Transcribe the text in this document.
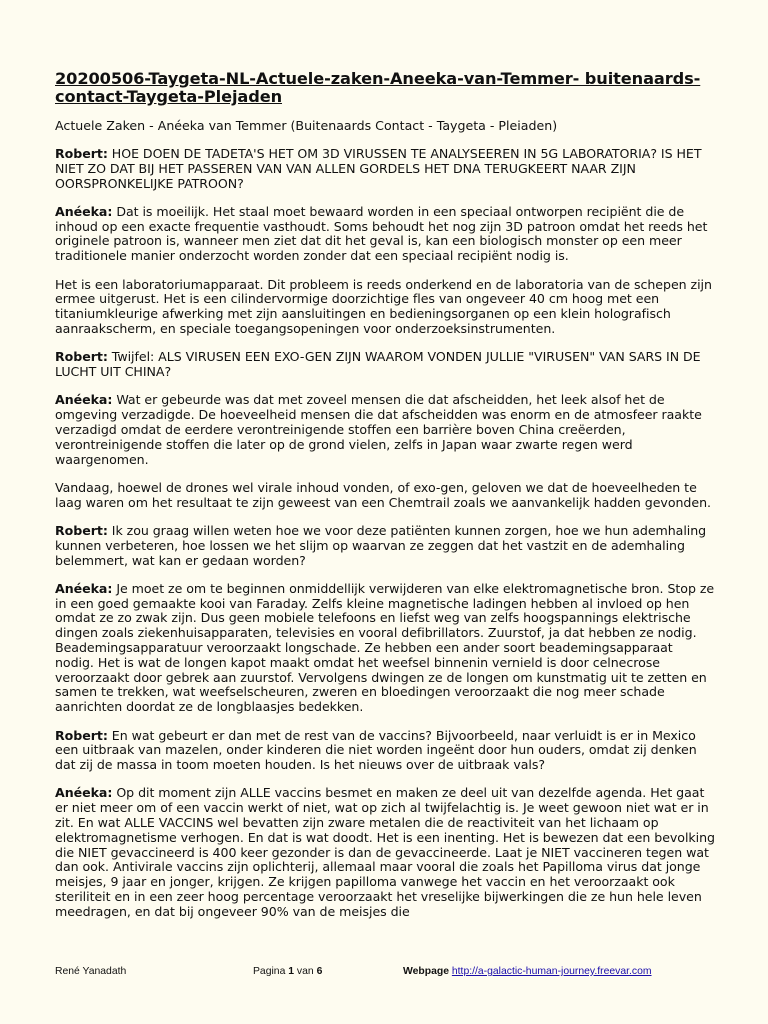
20200506-Taygeta-NL-Actuele-zaken-Aneeka-van-Temmer- buitenaards-contact-Taygeta-Plejaden
Actuele Zaken - Anéeka van Temmer (Buitenaards Contact - Taygeta - Pleiaden)
Robert: HOE DOEN DE TADETA'S HET OM 3D VIRUSSEN TE ANALYSEEREN IN 5G LABORATORIA? IS HET NIET ZO DAT BIJ HET PASSEREN VAN VAN ALLEN GORDELS HET DNA TERUGKEERT NAAR ZIJN OORSPRONKELIJKE PATROON?
Anéeka: Dat is moeilijk. Het staal moet bewaard worden in een speciaal ontworpen recipiënt die de inhoud op een exacte frequentie vasthoudt. Soms behoudt het nog zijn 3D patroon omdat het reeds het originele patroon is, wanneer men ziet dat dit het geval is, kan een biologisch monster op een meer traditionele manier onderzocht worden zonder dat een speciaal recipiënt nodig is.
Het is een laboratoriumapparaat. Dit probleem is reeds onderkend en de laboratoria van de schepen zijn ermee uitgerust. Het is een cilindervormige doorzichtige fles van ongeveer 40 cm hoog met een titaniumkleurige afwerking met zijn aansluitingen en bedieningsorganen op een klein holografisch aanraakscherm, en speciale toegangsopeningen voor onderzoeksinstrumenten.
Robert: Twijfel: ALS VIRUSEN EEN EXO-GEN ZIJN WAAROM VONDEN JULLIE "VIRUSEN" VAN SARS IN DE LUCHT UIT CHINA?
Anéeka: Wat er gebeurde was dat met zoveel mensen die dat afscheidden, het leek alsof het de omgeving verzadigde. De hoeveelheid mensen die dat afscheidden was enorm en de atmosfeer raakte verzadigd omdat de eerdere verontreinigende stoffen een barrière boven China creëerden, verontreinigende stoffen die later op de grond vielen, zelfs in Japan waar zwarte regen werd waargenomen.
Vandaag, hoewel de drones wel virale inhoud vonden, of exo-gen, geloven we dat de hoeveelheden te laag waren om het resultaat te zijn geweest van een Chemtrail zoals we aanvankelijk hadden gevonden.
Robert: Ik zou graag willen weten hoe we voor deze patiënten kunnen zorgen, hoe we hun ademhaling kunnen verbeteren, hoe lossen we het slijm op waarvan ze zeggen dat het vastzit en de ademhaling belemmert, wat kan er gedaan worden?
Anéeka: Je moet ze om te beginnen onmiddellijk verwijderen van elke elektromagnetische bron. Stop ze in een goed gemaakte kooi van Faraday. Zelfs kleine magnetische ladingen hebben al invloed op hen omdat ze zo zwak zijn. Dus geen mobiele telefoons en liefst weg van zelfs hoogspannings elektrische dingen zoals ziekenhuisapparaten, televisies en vooral defibrillators. Zuurstof, ja dat hebben ze nodig. Beademingsapparatuur veroorzaakt longschade. Ze hebben een ander soort beademingsapparaat nodig. Het is wat de longen kapot maakt omdat het weefsel binnenin vernield is door celnecrose veroorzaakt door gebrek aan zuurstof. Vervolgens dwingen ze de longen om kunstmatig uit te zetten en samen te trekken, wat weefselscheuren, zweren en bloedingen veroorzaakt die nog meer schade aanrichten doordat ze de longblaasjes bedekken.
Robert: En wat gebeurt er dan met de rest van de vaccins? Bijvoorbeeld, naar verluidt is er in Mexico een uitbraak van mazelen, onder kinderen die niet worden ingeënt door hun ouders, omdat zij denken dat zij de massa in toom moeten houden. Is het nieuws over de uitbraak vals?
Anéeka: Op dit moment zijn ALLE vaccins besmet en maken ze deel uit van dezelfde agenda. Het gaat er niet meer om of een vaccin werkt of niet, wat op zich al twijfelachtig is. Je weet gewoon niet wat er in zit. En wat ALLE VACCINS wel bevatten zijn zware metalen die de reactiviteit van het lichaam op elektromagnetisme verhogen. En dat is wat doodt. Het is een inenting. Het is bewezen dat een bevolking die NIET gevaccineerd is 400 keer gezonder is dan de gevaccineerde. Laat je NIET vaccineren tegen wat dan ook. Antivirale vaccins zijn oplichterij, allemaal maar vooral die zoals het Papilloma virus dat jonge meisjes, 9 jaar en jonger, krijgen. Ze krijgen papilloma vanwege het vaccin en het veroorzaakt ook steriliteit en in een zeer hoog percentage veroorzaakt het vreselijke bijwerkingen die ze hun hele leven meedragen, en dat bij ongeveer 90% van de meisjes die
René Yanadath	Pagina 1 van 6	Webpage http://a-galactic-human-journey.freevar.com
